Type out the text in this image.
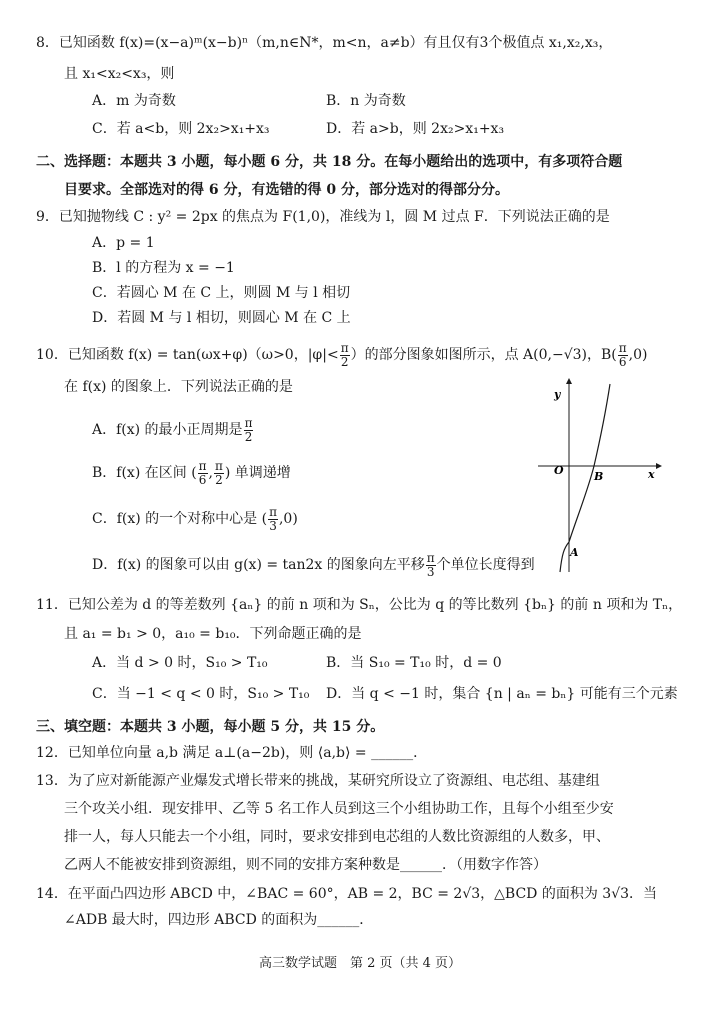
8．已知函数 f(x)=(x−a)ᵐ(x−b)ⁿ（m,n∈N*，m<n，a≠b）有且仅有3个极值点 x₁,x₂,x₃，
且 x₁<x₂<x₃，则
A．m 为奇数	B．n 为奇数
C．若 a<b，则 2x₂>x₁+x₃	D．若 a>b，则 2x₂>x₁+x₃
二、选择题：本题共 3 小题，每小题 6 分，共 18 分。在每小题给出的选项中，有多项符合题
目要求。全部选对的得 6 分，有选错的得 0 分，部分选对的得部分分。
9．已知抛物线 C : y² = 2px 的焦点为 F(1,0)，准线为 l，圆 M 过点 F．下列说法正确的是
A．p = 1
B．l 的方程为 x = −1
C．若圆心 M 在 C 上，则圆 M 与 l 相切
D．若圆 M 与 l 相切，则圆心 M 在 C 上
10．已知函数 f(x) = tan(ωx+φ)（ω>0，$|\varphi|< \frac{\pi}{2}$ ）的部分图象如图所示，点 A(0,−√3)，$B( \frac{\pi}{6} ,0)$
在 f(x) 的图象上．下列说法正确的是
A．f(x) 的最小正周期是 $\frac{\pi}{2}$
B．f(x) 在区间 ( $\frac{\pi}{6}$ , $\frac{\pi}{2}$ ) 单调递增
C．f(x) 的一个对称中心是 ( $\frac{\pi}{3} ,0$)
D．f(x) 的图象可以由 g(x) = tan2x 的图象向左平移 $\frac{\pi}{3}$ 个单位长度得到
y
x
O	B
A
11．已知公差为 d 的等差数列 {aₙ} 的前 n 项和为 Sₙ，公比为 q 的等比数列 {bₙ} 的前 n 项和为 Tₙ，
且 a₁ = b₁ > 0，a₁₀ = b₁₀．下列命题正确的是
A．当 d > 0 时，S₁₀ > T₁₀	B．当 S₁₀ = T₁₀ 时，d = 0
C．当 −1 < q < 0 时，S₁₀ > T₁₀ D．当 q < −1 时，集合 {n | aₙ = bₙ} 可能有三个元素
三、填空题：本题共 3 小题，每小题 5 分，共 15 分。
12．已知单位向量 a,b 满足 a⊥(a−2b)，则 ⟨a,b⟩ = ______．
13．为了应对新能源产业爆发式增长带来的挑战，某研究所设立了资源组、电芯组、基建组
三个攻关小组．现安排甲、乙等 5 名工作人员到这三个小组协助工作，且每个小组至少安
排一人，每人只能去一个小组，同时，要求安排到电芯组的人数比资源组的人数多，甲、
乙两人不能被安排到资源组，则不同的安排方案种数是______．（用数字作答）
14．在平面凸四边形 ABCD 中，∠BAC = 60°，AB = 2，BC = 2√3，△BCD 的面积为 3√3．当
∠ADB 最大时，四边形 ABCD 的面积为______．
高三数学试题　第 2 页（共 4 页）
